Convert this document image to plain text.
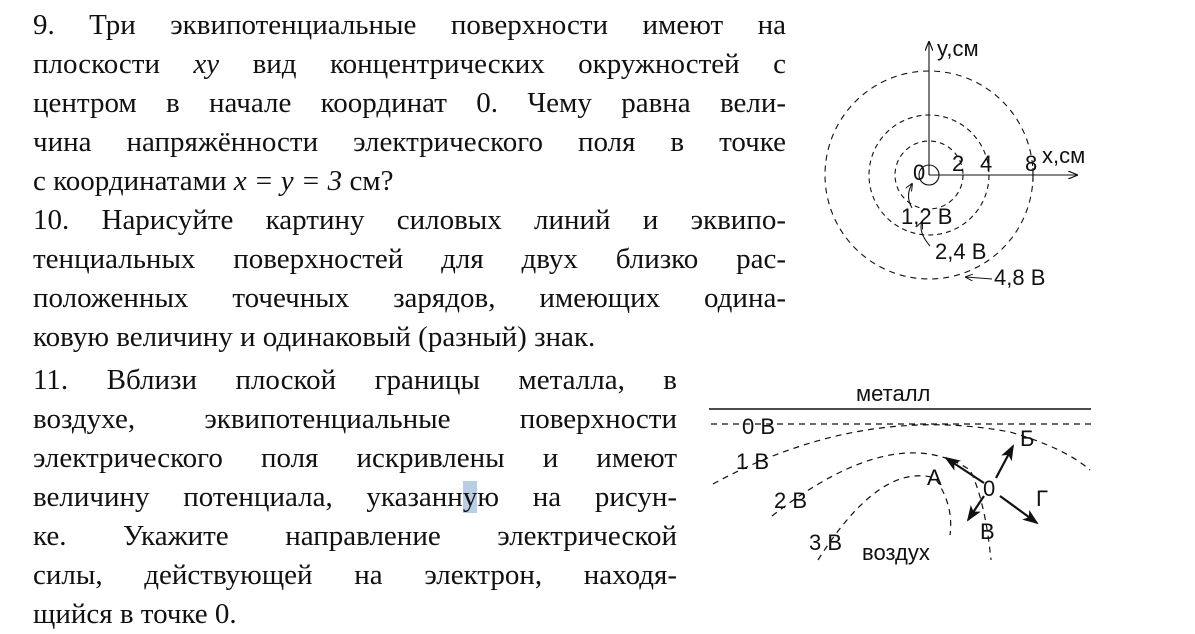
9. Три эквипотенциальные поверхности имеют на
плоскости xy вид концентрических окружностей с
центром в начале координат 0. Чему равна вели-
чина напряжённости электрического поля в точке
с координатами x = y = 3 см?
10. Нарисуйте картину силовых линий и эквипо-
тенциальных поверхностей для двух близко рас-
положенных точечных зарядов, имеющих одина-
ковую величину и одинаковый (разный) знак.
11. Вблизи плоской границы металла, в
воздухе, эквипотенциальные поверхности
электрического поля искривлены и имеют
величину потенциала, указанную на рисун-
ке. Укажите направление электрической
силы, действующей на электрон, находя-
щийся в точке 0.
y,см
x,см
0 2 4 8
1,2 В
2,4 В
4,8 В
металл
воздух
0 В
1 В
2 В
3 В
0
А
Б
В
Г
